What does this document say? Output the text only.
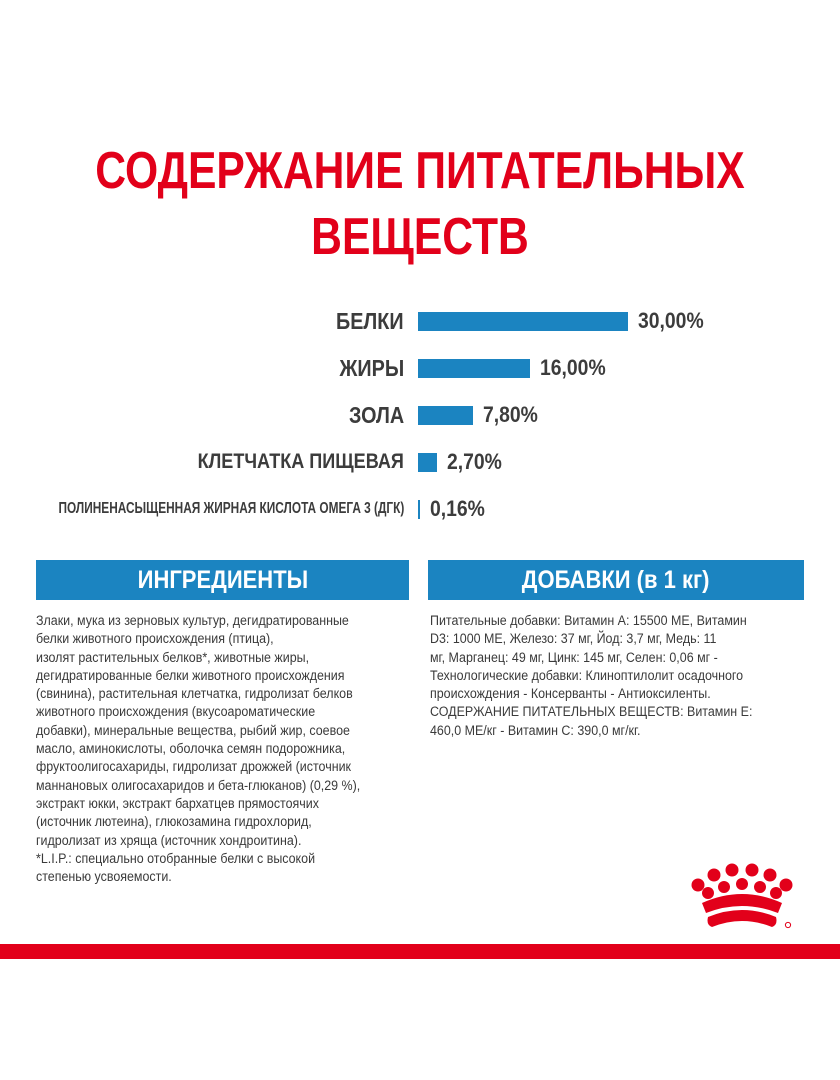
СОДЕРЖАНИЕ ПИТАТЕЛЬНЫХ
ВЕЩЕСТВ
БЕЛКИ	30,00%
ЖИРЫ	16,00%
ЗОЛА	7,80%
КЛЕТЧАТКА ПИЩЕВАЯ 2,70%
ПОЛИНЕНАСЫЩЕННАЯ ЖИРНАЯ КИСЛОТА ОМЕГА 3 (ДГК) 0,16%
ИНГРЕДИЕНТЫ	ДОБАВКИ (в 1 кг)
Злаки, мука из зерновых культур, дегидратированные
белки животного происхождения (птица),
изолят растительных белков*, животные жиры,
дегидратированные белки животного происхождения
(свинина), растительная клетчатка, гидролизат белков
животного происхождения (вкусоароматические
добавки), минеральные вещества, рыбий жир, соевое
масло, аминокислоты, оболочка семян подорожника,
фруктоолигосахариды, гидролизат дрожжей (источник
маннановых олигосахаридов и бета-глюканов) (0,29 %),
экстракт юкки, экстракт бархатцев прямостоячих
(источник лютеина), глюкозамина гидрохлорид,
гидролизат из хряща (источник хондроитина).
*L.I.P.: специально отобранные белки с высокой
степенью усвояемости.
Питательные добавки: Витамин А: 15500 МЕ, Витамин
D3: 1000 МЕ, Железо: 37 мг, Йод: 3,7 мг, Медь: 11
мг, Марганец: 49 мг, Цинк: 145 мг, Селен: 0,06 мг -
Технологические добавки: Клиноптилолит осадочного
происхождения - Консерванты - Антиоксиленты.
СОДЕРЖАНИЕ ПИТАТЕЛЬНЫХ ВЕЩЕСТВ: Витамин Е:
460,0 МЕ/кг - Витамин С: 390,0 мг/кг.
